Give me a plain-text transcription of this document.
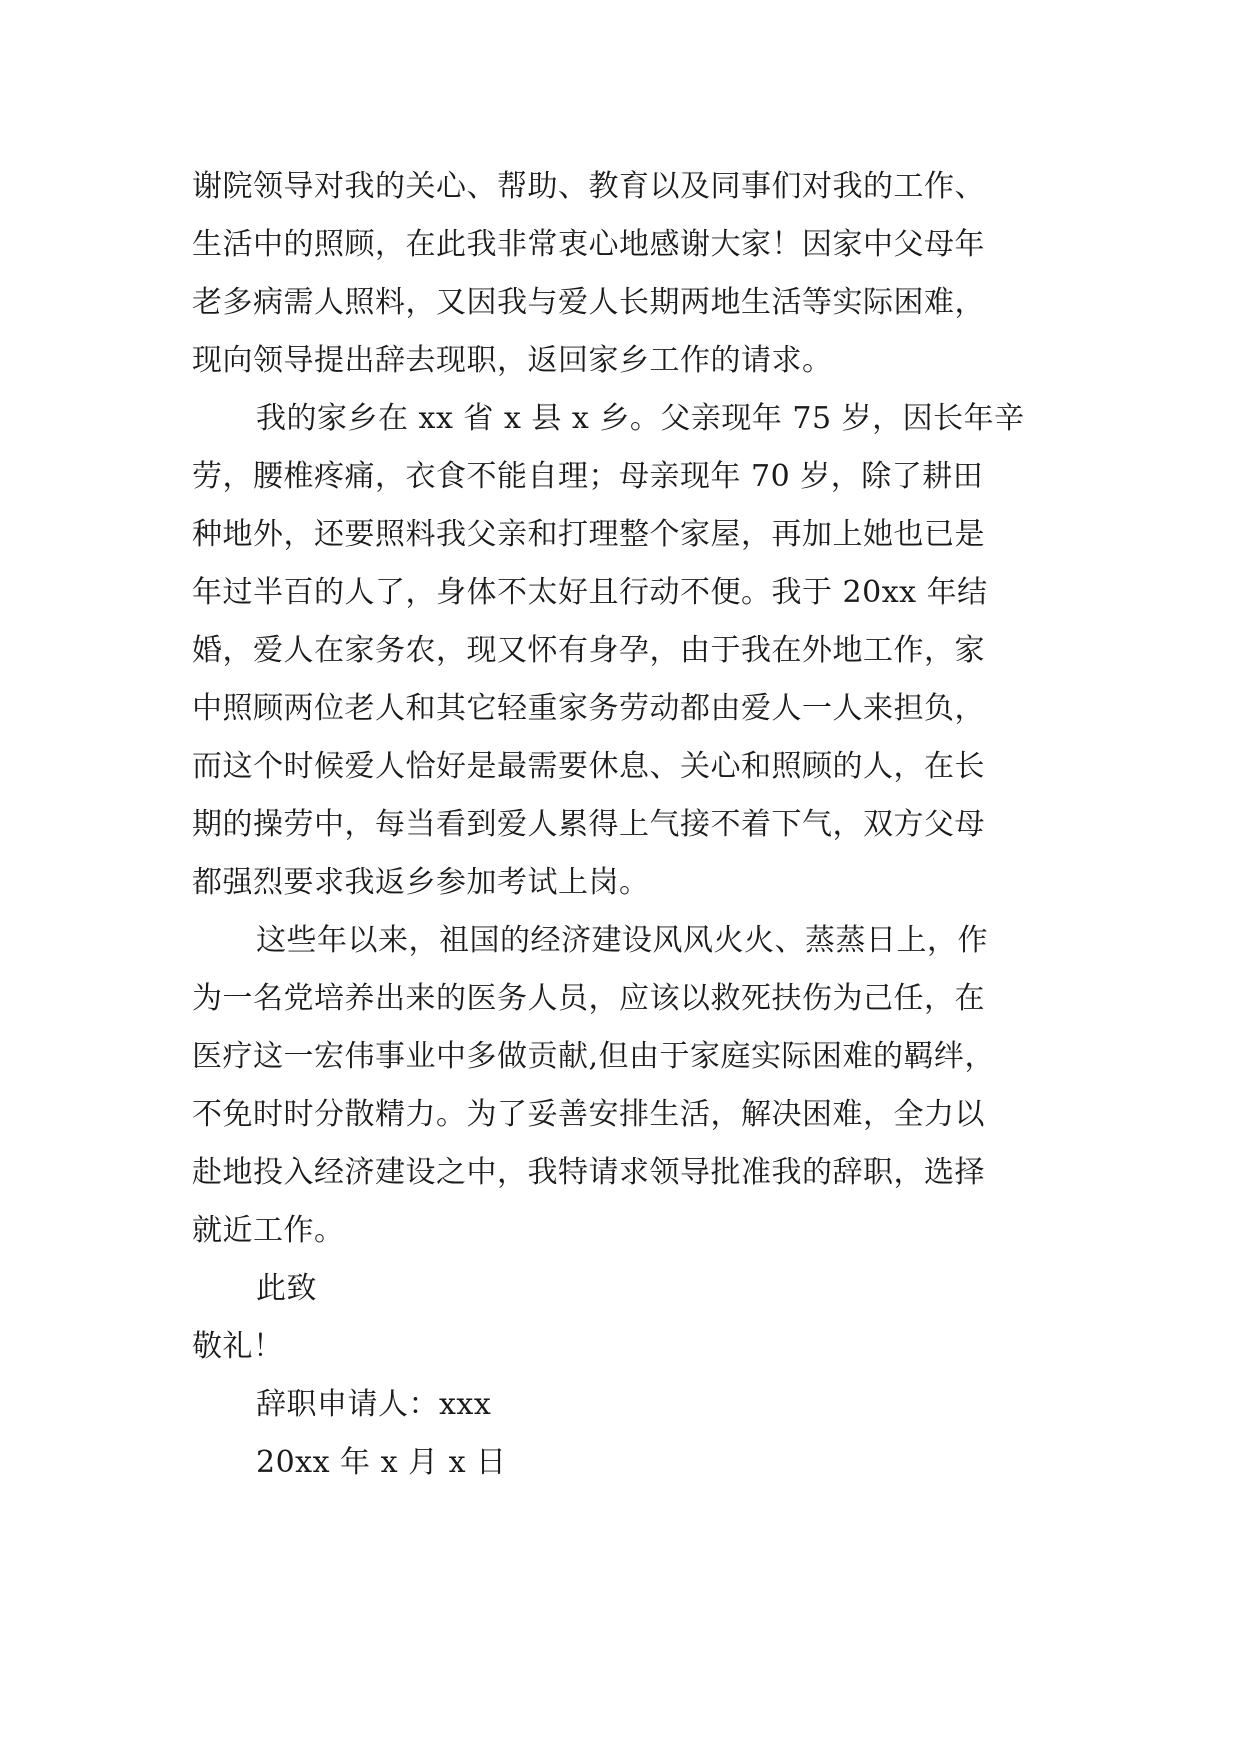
谢院领导对我的关心、帮助、教育以及同事们对我的工作、
生活中的照顾，在此我非常衷心地感谢大家！因家中父母年
老多病需人照料，又因我与爱人长期两地生活等实际困难，
现向领导提出辞去现职，返回家乡工作的请求。
我的家乡在 xx 省 x 县 x 乡。父亲现年 75 岁，因长年辛
劳，腰椎疼痛，衣食不能自理；母亲现年 70 岁，除了耕田
种地外，还要照料我父亲和打理整个家屋，再加上她也已是
年过半百的人了，身体不太好且行动不便。我于 20xx 年结
婚，爱人在家务农，现又怀有身孕，由于我在外地工作，家
中照顾两位老人和其它轻重家务劳动都由爱人一人来担负，
而这个时候爱人恰好是最需要休息、关心和照顾的人，在长
期的操劳中，每当看到爱人累得上气接不着下气，双方父母
都强烈要求我返乡参加考试上岗。
这些年以来，祖国的经济建设风风火火、蒸蒸日上，作
为一名党培养出来的医务人员，应该以救死扶伤为己任，在
医疗这一宏伟事业中多做贡献,但由于家庭实际困难的羁绊，
不免时时分散精力。为了妥善安排生活，解决困难，全力以
赴地投入经济建设之中，我特请求领导批准我的辞职，选择
就近工作。
此致
敬礼！
辞职申请人：xxx
20xx 年 x 月 x 日
